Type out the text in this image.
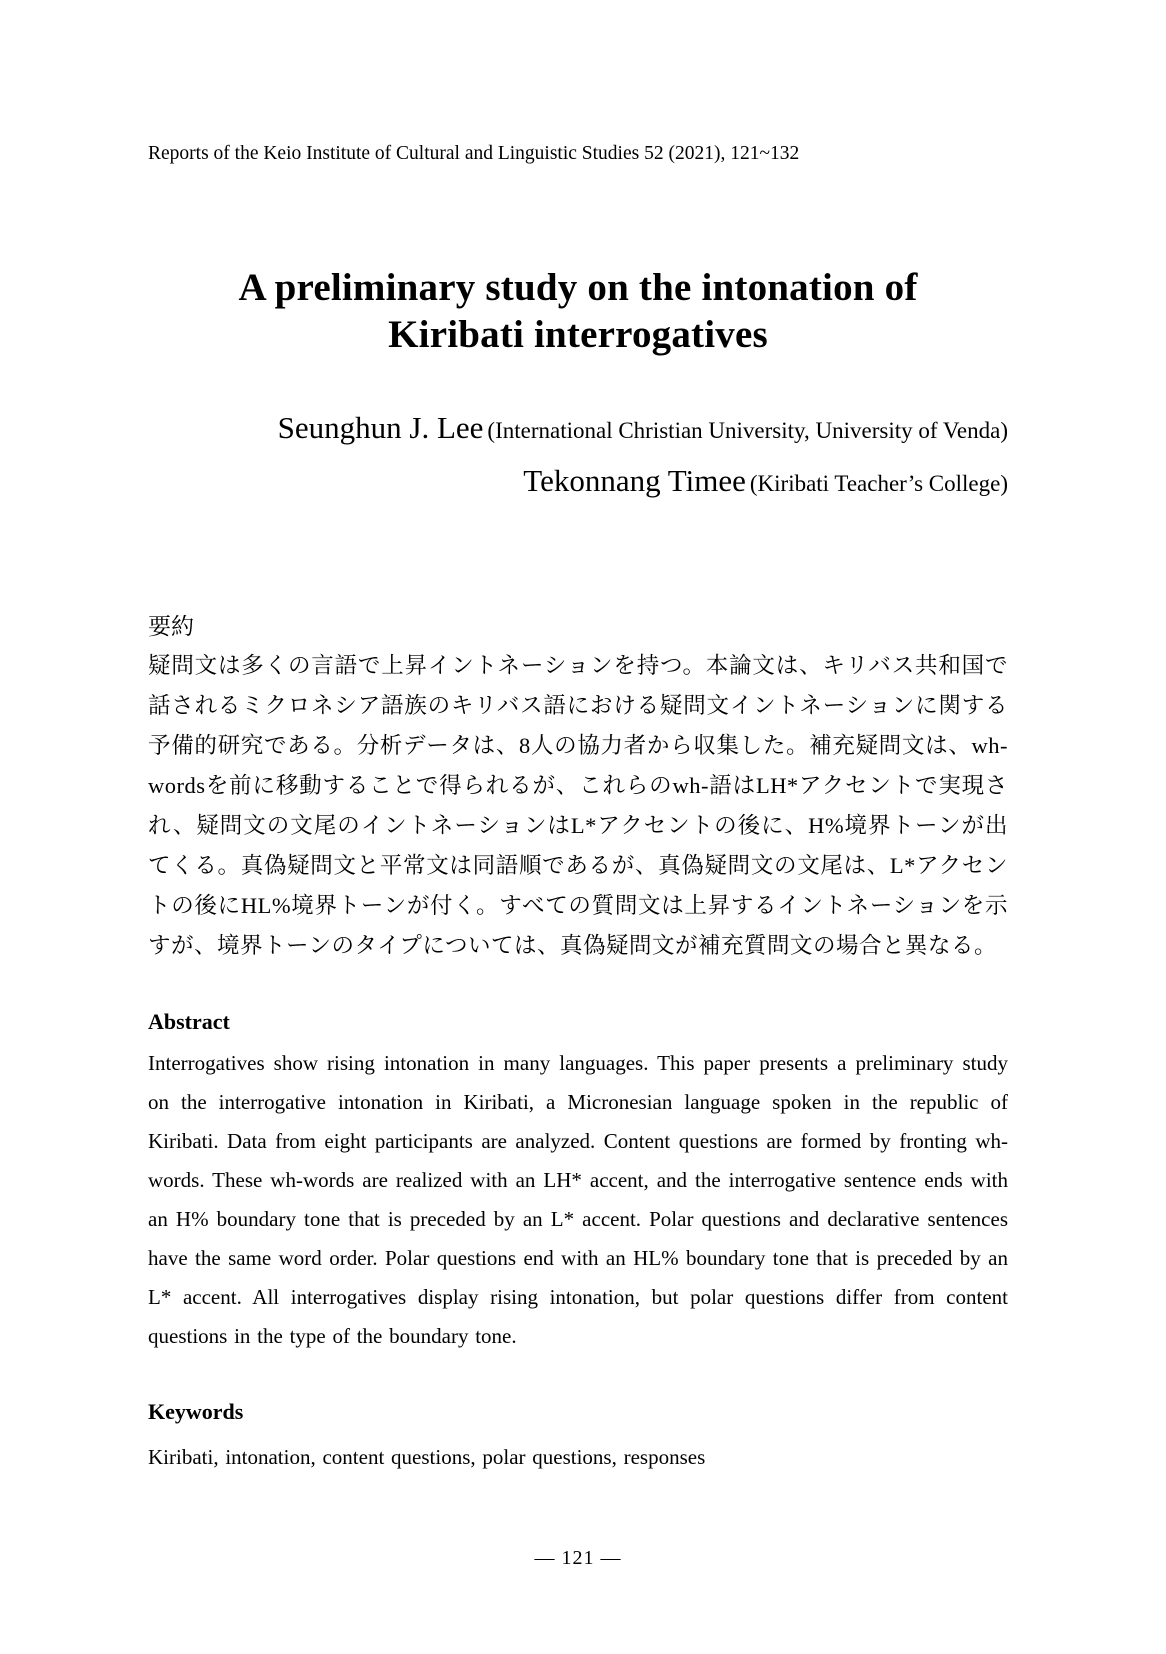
Reports of the Keio Institute of Cultural and Linguistic Studies 52 (2021), 121~132
A preliminary study on the intonation of
Kiribati interrogatives
Seunghun J. Lee (International Christian University, University of Venda)
Tekonnang Timee (Kiribati Teacher’s College)
要約
疑問文は多くの言語で上昇イントネーションを持つ。本論文は、キリバス共和国で話されるミクロネシア語族のキリバス語における疑問文イントネーションに関する予備的研究である。分析データは、8人の協力者から収集した。補充疑問文は、wh-wordsを前に移動することで得られるが、これらのwh-語はLH*アクセントで実現され、疑問文の文尾のイントネーションはL*アクセントの後に、H%境界トーンが出てくる。真偽疑問文と平常文は同語順であるが、真偽疑問文の文尾は、L*アクセントの後にHL%境界トーンが付く。すべての質問文は上昇するイントネーションを示すが、境界トーンのタイプについては、真偽疑問文が補充質問文の場合と異なる。
Abstract
Interrogatives show rising intonation in many languages. This paper presents a preliminary study on the interrogative intonation in Kiribati, a Micronesian language spoken in the republic of Kiribati. Data from eight participants are analyzed. Content questions are formed by fronting wh-words. These wh-words are realized with an LH* accent, and the interrogative sentence ends with an H% boundary tone that is preceded by an L* accent. Polar questions and declarative sentences have the same word order. Polar questions end with an HL% boundary tone that is preceded by an L* accent. All interrogatives display rising intonation, but polar questions differ from content questions in the type of the boundary tone.
Keywords
Kiribati, intonation, content questions, polar questions, responses
— 121 —
